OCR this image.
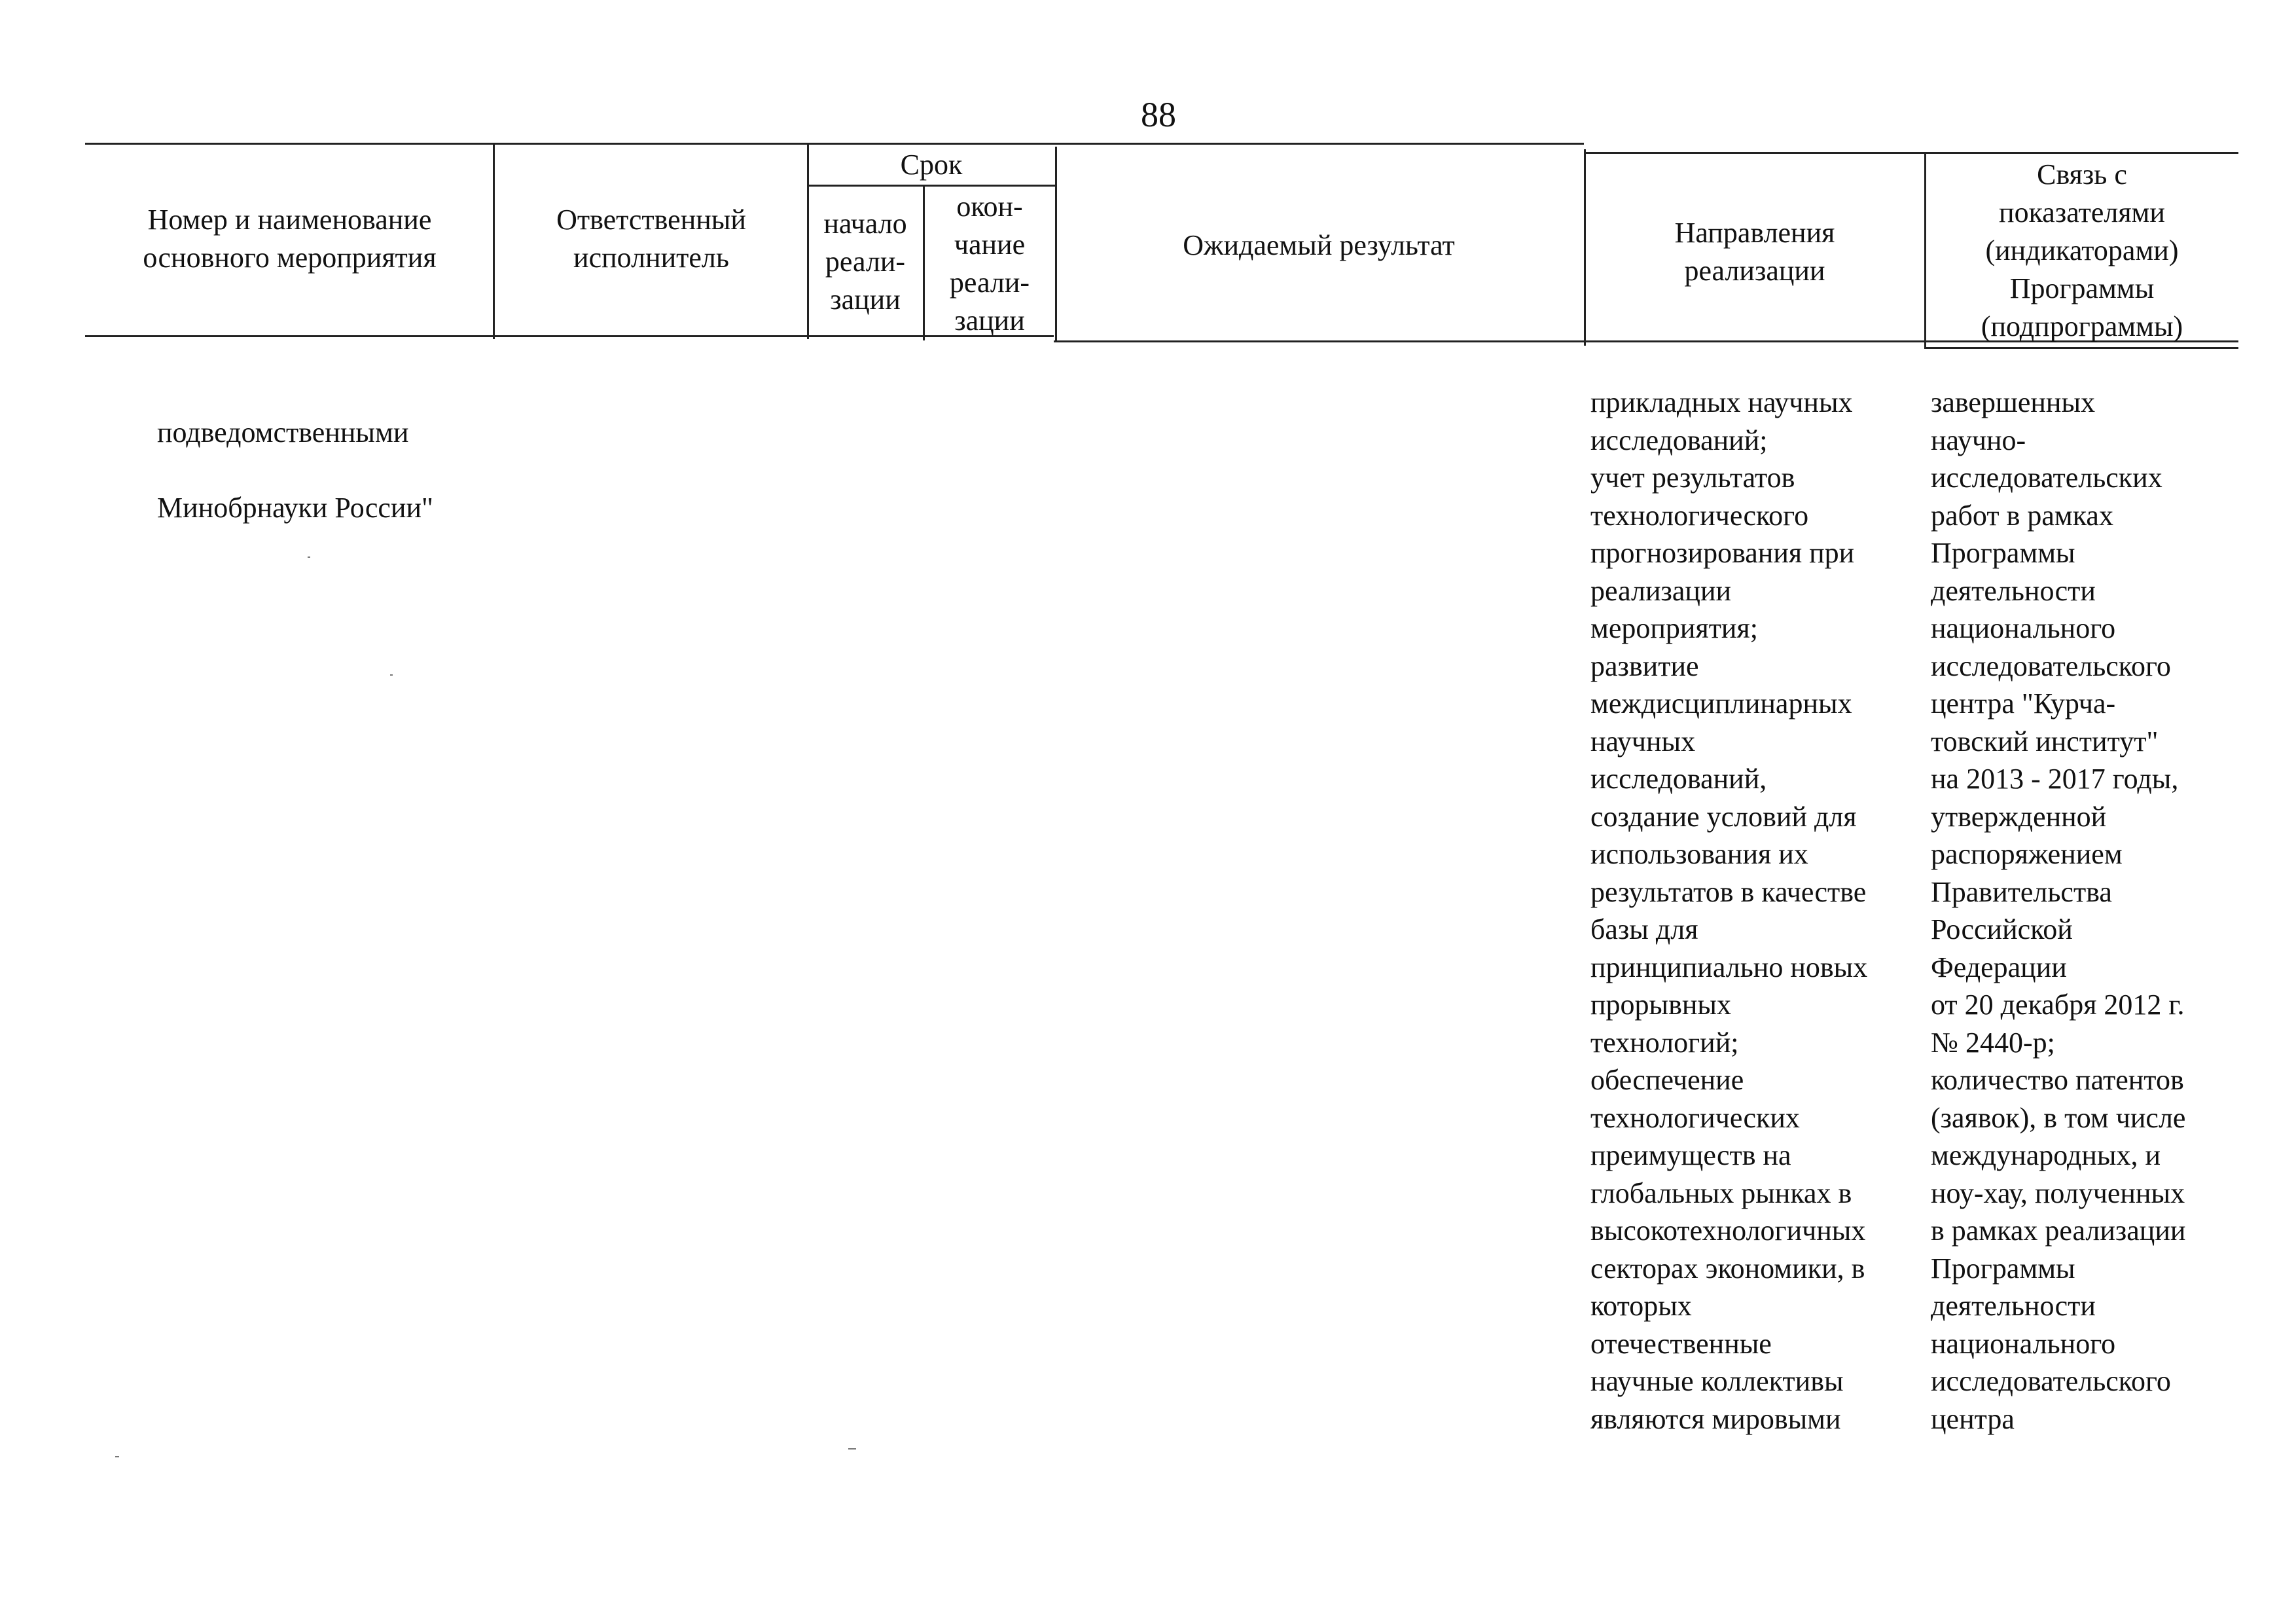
88
Номер и наименование
основного мероприятия
Ответственный
исполнитель
Срок
начало
реали-
зации
окон-
чание
реали-
зации
Ожидаемый результат	Направления
реализации
Связь с
показателями
(индикаторами)
Программы
(подпрограммы)

подведомственными

Минобрнауки России"

прикладных научных
исследований;
учет результатов
технологического
прогнозирования при
реализации
мероприятия;
развитие
междисциплинарных
научных
исследований,
создание условий для
использования их
результатов в качестве
базы для
принципиально новых
прорывных
технологий;
обеспечение
технологических
преимуществ на
глобальных рынках в
высокотехнологичных
секторах экономики, в
которых
отечественные
научные коллективы
являются мировыми
завершенных
научно-
исследовательских
работ в рамках
Программы
деятельности
национального
исследовательского
центра "Курча-
товский институт"
на 2013 - 2017 годы,
утвержденной
распоряжением
Правительства
Российской
Федерации
от 20 декабря 2012 г.
№ 2440-р;
количество патентов
(заявок), в том числе
международных, и
ноу-хау, полученных
в рамках реализации
Программы
деятельности
национального
исследовательского
центра
